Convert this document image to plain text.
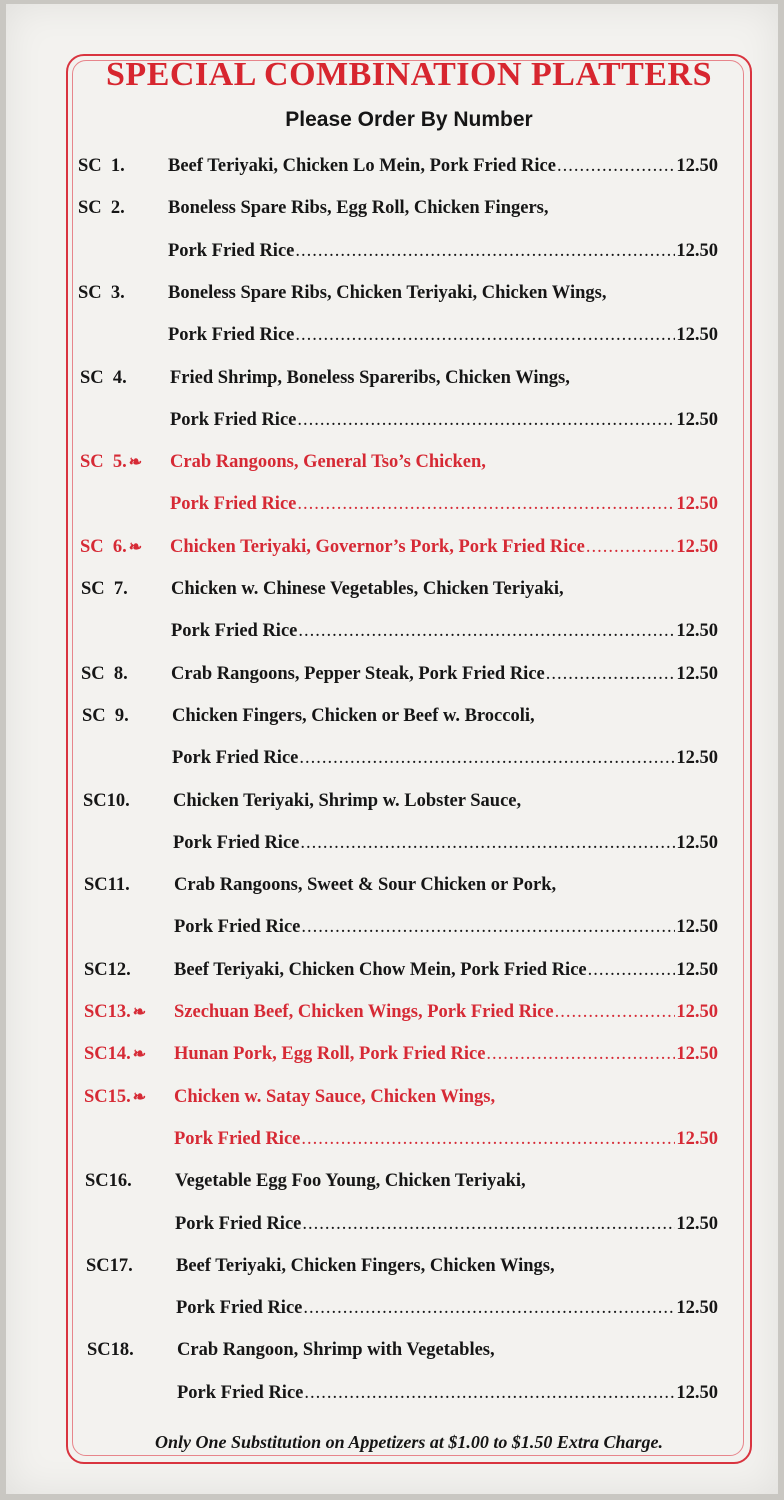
SPECIAL COMBINATION PLATTERS
Please Order By Number
SC  1.	Beef Teriyaki, Chicken Lo Mein, Pork Fried Rice .....	12.50
SC  2.	Boneless Spare Ribs, Egg Roll, Chicken Fingers,
Pork Fried Rice .....	12.50
SC  3.	Boneless Spare Ribs, Chicken Teriyaki, Chicken Wings,
Pork Fried Rice .....	12.50
SC  4.	Fried Shrimp, Boneless Spareribs, Chicken Wings,
Pork Fried Rice .....	12.50
SC  5. ❧	Crab Rangoons, General Tso’s Chicken,
Pork Fried Rice .....	12.50
SC  6. ❧	Chicken Teriyaki, Governor’s Pork, Pork Fried Rice .....	12.50
SC  7.	Chicken w. Chinese Vegetables, Chicken Teriyaki,
Pork Fried Rice .....	12.50
SC  8.	Crab Rangoons, Pepper Steak, Pork Fried Rice .....	12.50
SC  9.	Chicken Fingers, Chicken or Beef w. Broccoli,
Pork Fried Rice .....	12.50
SC10.	Chicken Teriyaki, Shrimp w. Lobster Sauce,
Pork Fried Rice .....	12.50
SC11.	Crab Rangoons, Sweet & Sour Chicken or Pork,
Pork Fried Rice .....	12.50
SC12.	Beef Teriyaki, Chicken Chow Mein, Pork Fried Rice .....	12.50
SC13. ❧	Szechuan Beef, Chicken Wings, Pork Fried Rice .....	12.50
SC14. ❧	Hunan Pork, Egg Roll, Pork Fried Rice .....	12.50
SC15. ❧	Chicken w. Satay Sauce, Chicken Wings,
Pork Fried Rice .....	12.50
SC16.	Vegetable Egg Foo Young, Chicken Teriyaki,
Pork Fried Rice .....	12.50
SC17.	Beef Teriyaki, Chicken Fingers, Chicken Wings,
Pork Fried Rice .....	12.50
SC18.	Crab Rangoon, Shrimp with Vegetables,
Pork Fried Rice .....	12.50
Only One Substitution on Appetizers at $1.00 to $1.50 Extra Charge.
